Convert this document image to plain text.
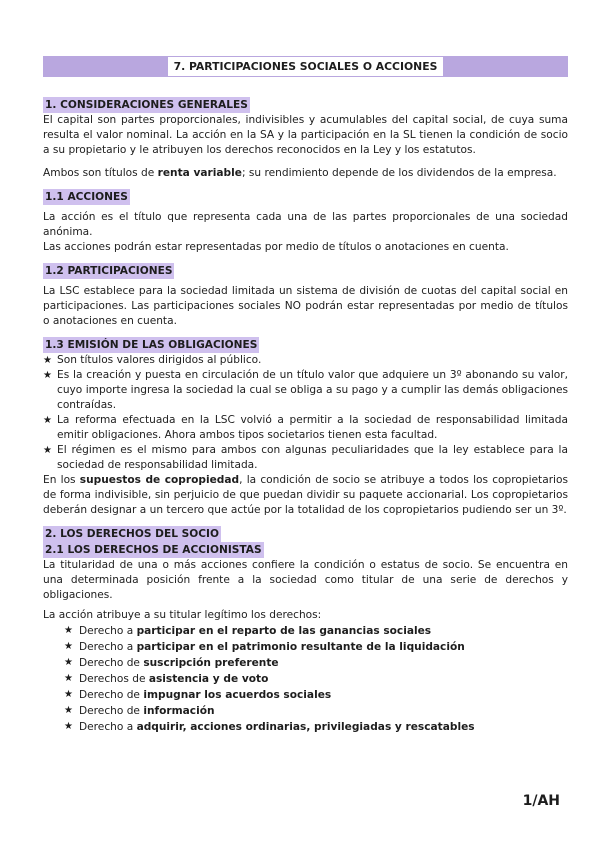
7. PARTICIPACIONES SOCIALES O ACCIONES
1. CONSIDERACIONES GENERALES

El capital son partes proporcionales, indivisibles y acumulables del capital social, de cuya suma resulta el valor nominal. La acción en la SA y la participación en la SL tienen la condición de socio a su propietario y le atribuyen los derechos reconocidos en la Ley y los estatutos.

Ambos son títulos de renta variable; su rendimiento depende de los dividendos de la empresa.

1.1 ACCIONES

La acción es el título que representa cada una de las partes proporcionales de una sociedad anónima.

Las acciones podrán estar representadas por medio de títulos o anotaciones en cuenta.

1.2 PARTICIPACIONES

La LSC establece para la sociedad limitada un sistema de división de cuotas del capital social en participaciones. Las participaciones sociales NO podrán estar representadas por medio de títulos o anotaciones en cuenta.

1.3 EMISIÓN DE LAS OBLIGACIONES
★ Son títulos valores dirigidos al público.
★ Es la creación y puesta en circulación de un título valor que adquiere un 3º abonando su valor, cuyo importe ingresa la sociedad la cual se obliga a su pago y a cumplir las demás obligaciones contraídas.
★ La reforma efectuada en la LSC volvió a permitir a la sociedad de responsabilidad limitada emitir obligaciones. Ahora ambos tipos societarios tienen esta facultad.
★ El régimen es el mismo para ambos con algunas peculiaridades que la ley establece para la sociedad de responsabilidad limitada.

En los supuestos de copropiedad, la condición de socio se atribuye a todos los copropietarios de forma indivisible, sin perjuicio de que puedan dividir su paquete accionarial. Los copropietarios deberán designar a un tercero que actúe por la totalidad de los copropietarios pudiendo ser un 3º.

2. LOS DERECHOS DEL SOCIO
2.1 LOS DERECHOS DE ACCIONISTAS

La titularidad de una o más acciones confiere la condición o estatus de socio. Se encuentra en una determinada posición frente a la sociedad como titular de una serie de derechos y obligaciones.

La acción atribuye a su titular legítimo los derechos:

★ Derecho a participar en el reparto de las ganancias sociales
★ Derecho a participar en el patrimonio resultante de la liquidación
★ Derecho de suscripción preferente
★ Derechos de asistencia y de voto
★ Derecho de impugnar los acuerdos sociales
★ Derecho de información
★ Derecho a adquirir, acciones ordinarias, privilegiadas y rescatables
1/AH
